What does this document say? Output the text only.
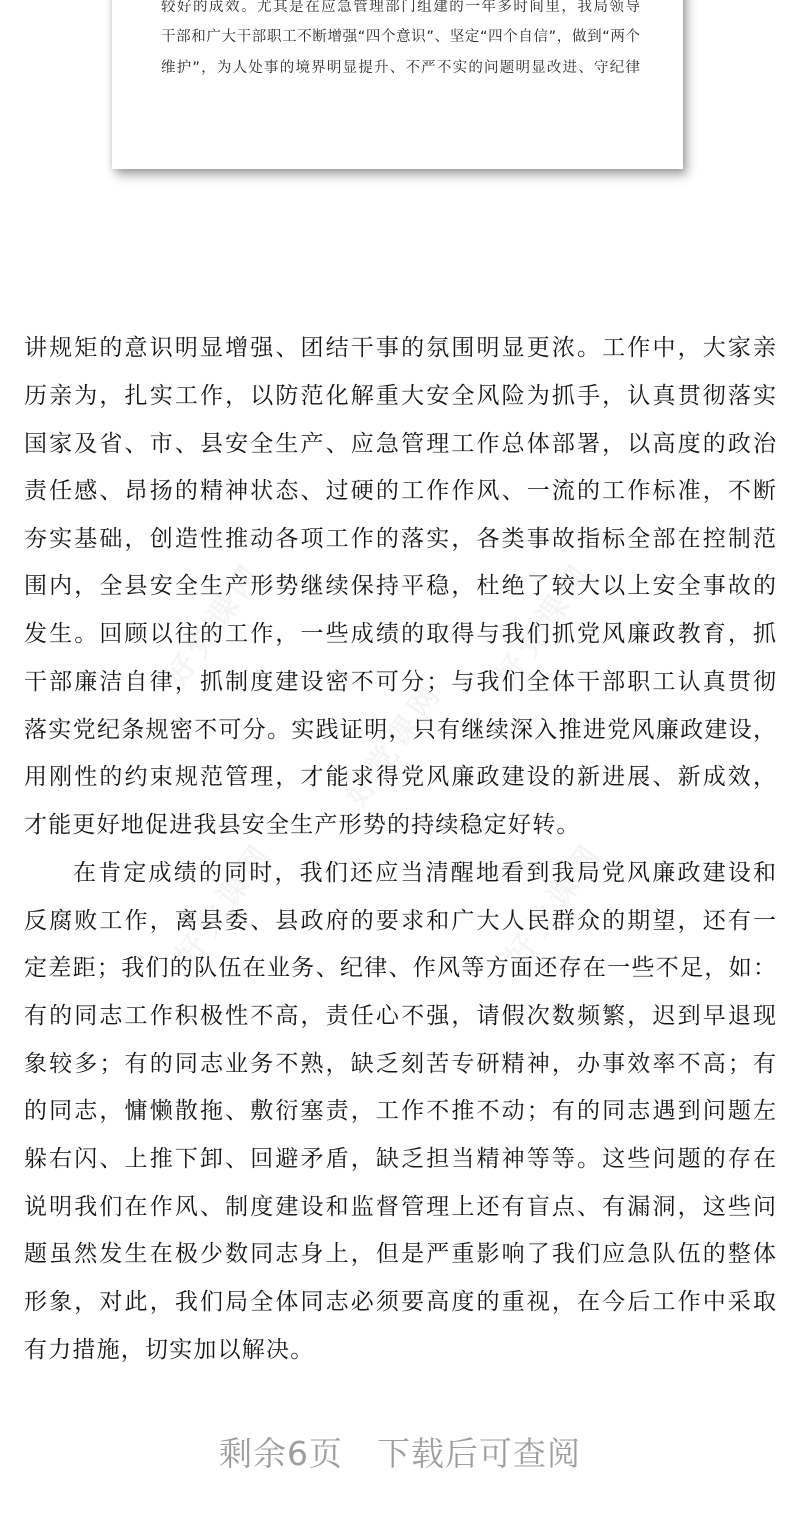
较好的成效。尤其是在应急管理部门组建的一年多时间里，我局领导
干部和广大干部职工不断增强“四个意识”、坚定“四个自信”，做到“两个
维护”，为人处事的境界明显提升、不严不实的问题明显改进、守纪律
讲规矩的意识明显增强、团结干事的氛围明显更浓。工作中，大家亲
历亲为，扎实工作，以防范化解重大安全风险为抓手，认真贯彻落实
国家及省、市、县安全生产、应急管理工作总体部署，以高度的政治
责任感、昂扬的精神状态、过硬的工作作风、一流的工作标准，不断
夯实基础，创造性推动各项工作的落实，各类事故指标全部在控制范
围内，全县安全生产形势继续保持平稳，杜绝了较大以上安全事故的
发生。回顾以往的工作，一些成绩的取得与我们抓党风廉政教育，抓
干部廉洁自律，抓制度建设密不可分；与我们全体干部职工认真贯彻
落实党纪条规密不可分。实践证明，只有继续深入推进党风廉政建设，
用刚性的约束规范管理，才能求得党风廉政建设的新进展、新成效，
才能更好地促进我县安全生产形势的持续稳定好转。
在肯定成绩的同时，我们还应当清醒地看到我局党风廉政建设和
反腐败工作，离县委、县政府的要求和广大人民群众的期望，还有一
定差距；我们的队伍在业务、纪律、作风等方面还存在一些不足，如：
有的同志工作积极性不高，责任心不强，请假次数频繁，迟到早退现
象较多；有的同志业务不熟，缺乏刻苦专研精神，办事效率不高；有
的同志，慵懒散拖、敷衍塞责，工作不推不动；有的同志遇到问题左
躲右闪、上推下卸、回避矛盾，缺乏担当精神等等。这些问题的存在
说明我们在作风、制度建设和监督管理上还有盲点、有漏洞，这些问
题虽然发生在极少数同志身上，但是严重影响了我们应急队伍的整体
形象，对此，我们局全体同志必须要高度的重视，在今后工作中采取
有力措施，切实加以解决。
剩余6页 下载后可查阅
